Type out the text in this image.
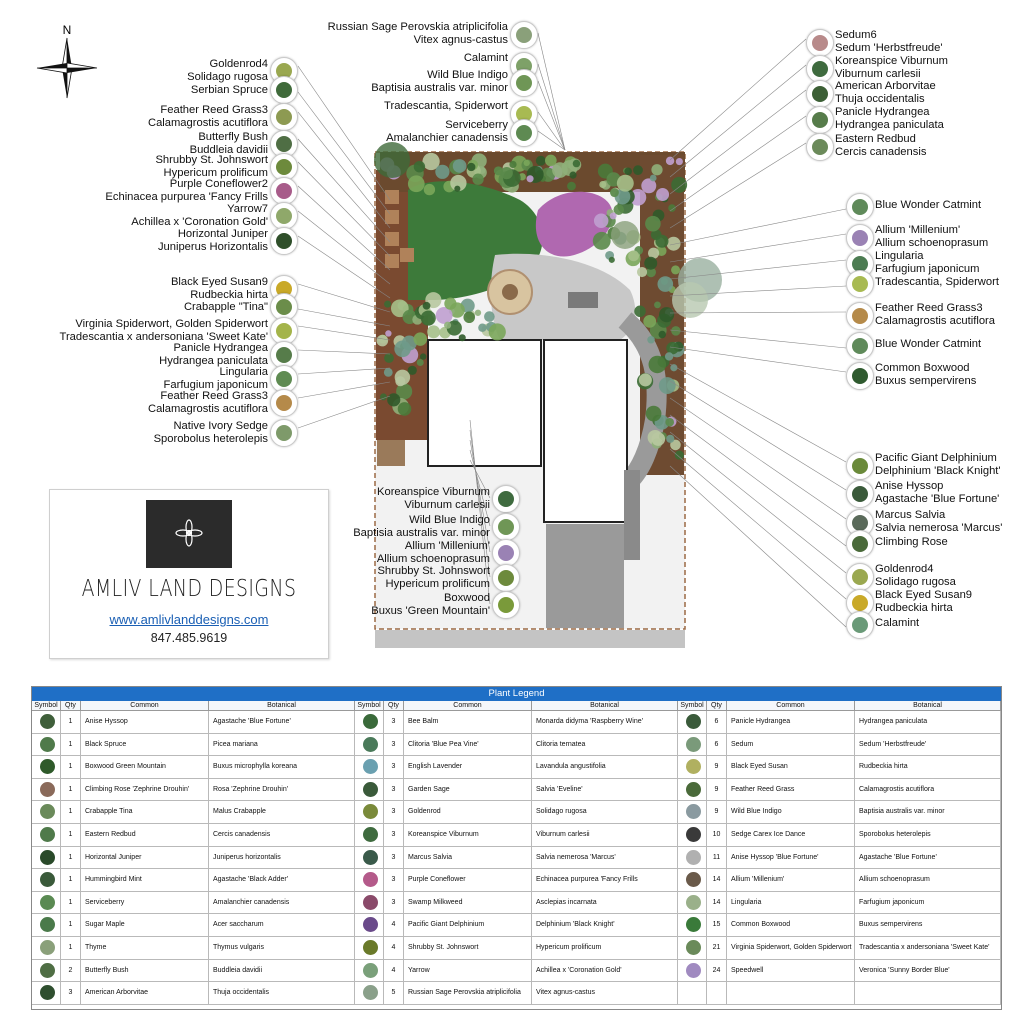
N
Goldenrod4
Solidago rugosa
Serbian Spruce
Feather Reed Grass3
Calamagrostis acutiflora
Butterfly Bush
Buddleia davidii
Shrubby St. Johnswort
Hypericum prolificum
Purple Coneflower2
Echinacea purpurea 'Fancy Frills
Yarrow7
Achillea x 'Coronation Gold'
Horizontal Juniper
Juniperus Horizontalis
Black Eyed Susan9
Rudbeckia hirta
Crabapple "Tina"
Virginia Spiderwort, Golden Spiderwort
Tradescantia x andersoniana 'Sweet Kate'
Panicle Hydrangea
Hydrangea paniculata
Lingularia
Farfugium japonicum
Feather Reed Grass3
Calamagrostis acutiflora
Native Ivory Sedge
Sporobolus heterolepis
Russian Sage Perovskia atriplicifolia
Vitex agnus-castus
Calamint
Wild Blue Indigo
Baptisia australis var. minor
Tradescantia, Spiderwort
Serviceberry
Amalanchier canadensis
Sedum6
Sedum 'Herbstfreude'
Koreanspice Viburnum
Viburnum carlesii
American Arborvitae
Thuja occidentalis
Panicle Hydrangea
Hydrangea paniculata
Eastern Redbud
Cercis canadensis
Blue Wonder Catmint
Allium 'Millenium'
Allium schoenoprasum
Lingularia
Farfugium japonicum
Tradescantia, Spiderwort
Feather Reed Grass3
Calamagrostis acutiflora
Blue Wonder Catmint
Common Boxwood
Buxus sempervirens
Pacific Giant Delphinium
Delphinium 'Black Knight'
Anise Hyssop
Agastache 'Blue Fortune'
Marcus Salvia
Salvia nemerosa 'Marcus'
Climbing Rose
Goldenrod4
Solidago rugosa
Black Eyed Susan9
Rudbeckia hirta
Calamint
Koreanspice Viburnum
Viburnum carlesii
Wild Blue Indigo
Baptisia australis var. minor
Allium 'Millenium'
Allium schoenoprasum
Shrubby St. Johnswort
Hypericum prolificum
Boxwood
Buxus 'Green Mountain'
AMLIV LAND DESIGNS
www.amlivlanddesigns.com
847.485.9619
Plant Legend
Symbol	Qty	Common	Botanical
1	Anise Hyssop	Agastache 'Blue Fortune'
1	Black Spruce	Picea mariana
1	Boxwood Green Mountain	Buxus microphylla koreana
1	Climbing Rose 'Zephrine Drouhin'	Rosa 'Zephrine Drouhin'
1	Crabapple Tina	Malus Crabapple
1	Eastern Redbud	Cercis canadensis
1	Horizontal Juniper	Juniperus horizontalis
1	Hummingbird Mint	Agastache 'Black Adder'
1	Serviceberry	Amalanchier canadensis
1	Sugar Maple	Acer saccharum
1	Thyme	Thymus vulgaris
2	Butterfly Bush	Buddleia davidii
3	American Arborvitae	Thuja occidentalis
Symbol	Qty	Common	Botanical
3	Bee Balm	Monarda didyma 'Raspberry Wine'
3	Clitoria 'Blue Pea Vine'	Clitoria ternatea
3	English Lavender	Lavandula angustifolia
3	Garden Sage	Salvia 'Eveline'
3	Goldenrod	Solidago rugosa
3	Koreanspice Viburnum	Viburnum carlesii
3	Marcus Salvia	Salvia nemerosa 'Marcus'
3	Purple Coneflower	Echinacea purpurea 'Fancy Frills
3	Swamp Milkweed	Asclepias incarnata
4	Pacific Giant Delphinium	Delphinium 'Black Knight'
4	Shrubby St. Johnswort	Hypericum prolificum
4	Yarrow	Achillea x 'Coronation Gold'
5	Russian Sage Perovskia atriplicifolia	Vitex agnus-castus
Symbol	Qty	Common	Botanical
6	Panicle Hydrangea	Hydrangea paniculata
6	Sedum	Sedum 'Herbstfreude'
9	Black Eyed Susan	Rudbeckia hirta
9	Feather Reed Grass	Calamagrostis acutiflora
9	Wild Blue Indigo	Baptisia australis var. minor
10	Sedge Carex Ice Dance	Sporobolus heterolepis
11	Anise Hyssop 'Blue Fortune'	Agastache 'Blue Fortune'
14	Allium 'Millenium'	Allium schoenoprasum
14	Lingularia	Farfugium japonicum
15	Common Boxwood	Buxus sempervirens
21	Virginia Spiderwort, Golden Spiderwort	Tradescantia x andersoniana 'Sweet Kate'
24	Speedwell	Veronica 'Sunny Border Blue'
